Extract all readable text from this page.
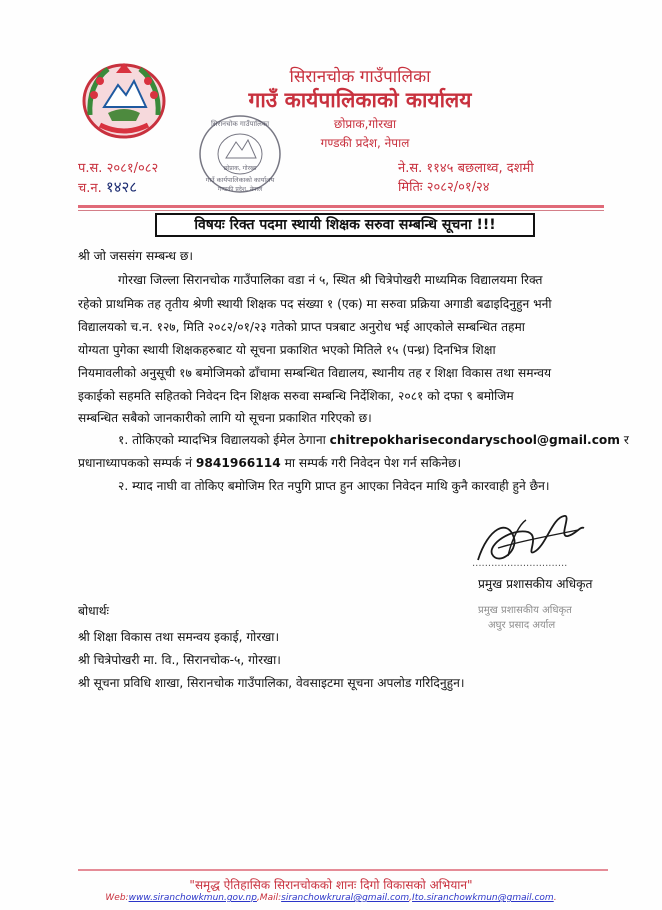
सिरानचोक गाउँपालिका
गाउँ कार्यपालिकाको कार्यालय
छोप्राक, गोरखा
गण्डकी प्रदेश, नेपाल
सिरानचोक गाउँपालिका
गाउँ कार्यपालिकाको कार्यालय
छोप्राक,गोरखा
गण्डकी प्रदेश, नेपाल
प.स. २०८१/०८२
च.न. १४२८
ने.स. ११४५ बछलाथ्व, दशमी
मितिः २०८२/०१/२४
विषयः रिक्त पदमा स्थायी शिक्षक सरुवा सम्बन्धि सूचना !!!
श्री जो जससंग सम्बन्ध छ।
गोरखा जिल्ला सिरानचोक गाउँपालिका वडा नं ५, स्थित श्री चित्रेपोखरी माध्यमिक विद्यालयमा रिक्त
रहेको प्राथमिक तह तृतीय श्रेणी स्थायी शिक्षक पद संख्या १ (एक) मा सरुवा प्रक्रिया अगाडी बढाइदिनुहुन भनी
विद्यालयको च.न. १२७, मिति २०८२/०१/२३ गतेको प्राप्त पत्रबाट अनुरोध भई आएकोले सम्बन्धित तहमा
योग्यता पुगेका स्थायी शिक्षकहरुबाट यो सूचना प्रकाशित भएको मितिले १५ (पन्ध्र) दिनभित्र शिक्षा
नियमावलीको अनुसूची १७ बमोजिमको ढाँचामा सम्बन्धित विद्यालय, स्थानीय तह र शिक्षा विकास तथा समन्वय
इकाईको सहमति सहितको निवेदन दिन शिक्षक सरुवा सम्बन्धि निर्देशिका, २०८१ को दफा ९ बमोजिम
सम्बन्धित सबैको जानकारीको लागि यो सूचना प्रकाशित गरिएको छ।
१. तोकिएको म्यादभित्र विद्यालयको ईमेल ठेगाना chitrepokharisecondaryschool@gmail.com र
प्रधानाध्यापकको सम्पर्क नं 9841966114 मा सम्पर्क गरी निवेदन पेश गर्न सकिनेछ।
२. म्याद नाघी वा तोकिए बमोजिम रित नपुगि प्राप्त हुन आएका निवेदन माथि कुनै कारवाही हुने छैन।
..............................
प्रमुख प्रशासकीय अधिकृत
प्रमुख प्रशासकीय अधिकृत
अघुर प्रसाद अर्याल
बोधार्थः
श्री शिक्षा विकास तथा समन्वय इकाई, गोरखा।
श्री चित्रेपोखरी मा. वि., सिरानचोक-५, गोरखा।
श्री सूचना प्रविधि शाखा, सिरानचोक गाउँपालिका, वेवसाइटमा सूचना अपलोड गरिदिनुहुन।
"समृद्ध ऐतिहासिक सिरानचोकको शानः दिगो विकासको अभियान"
Web:www.siranchowkmun.gov.np,Mail:siranchowkrural@gmail.com,Ito.siranchowkmun@gmail.com.
